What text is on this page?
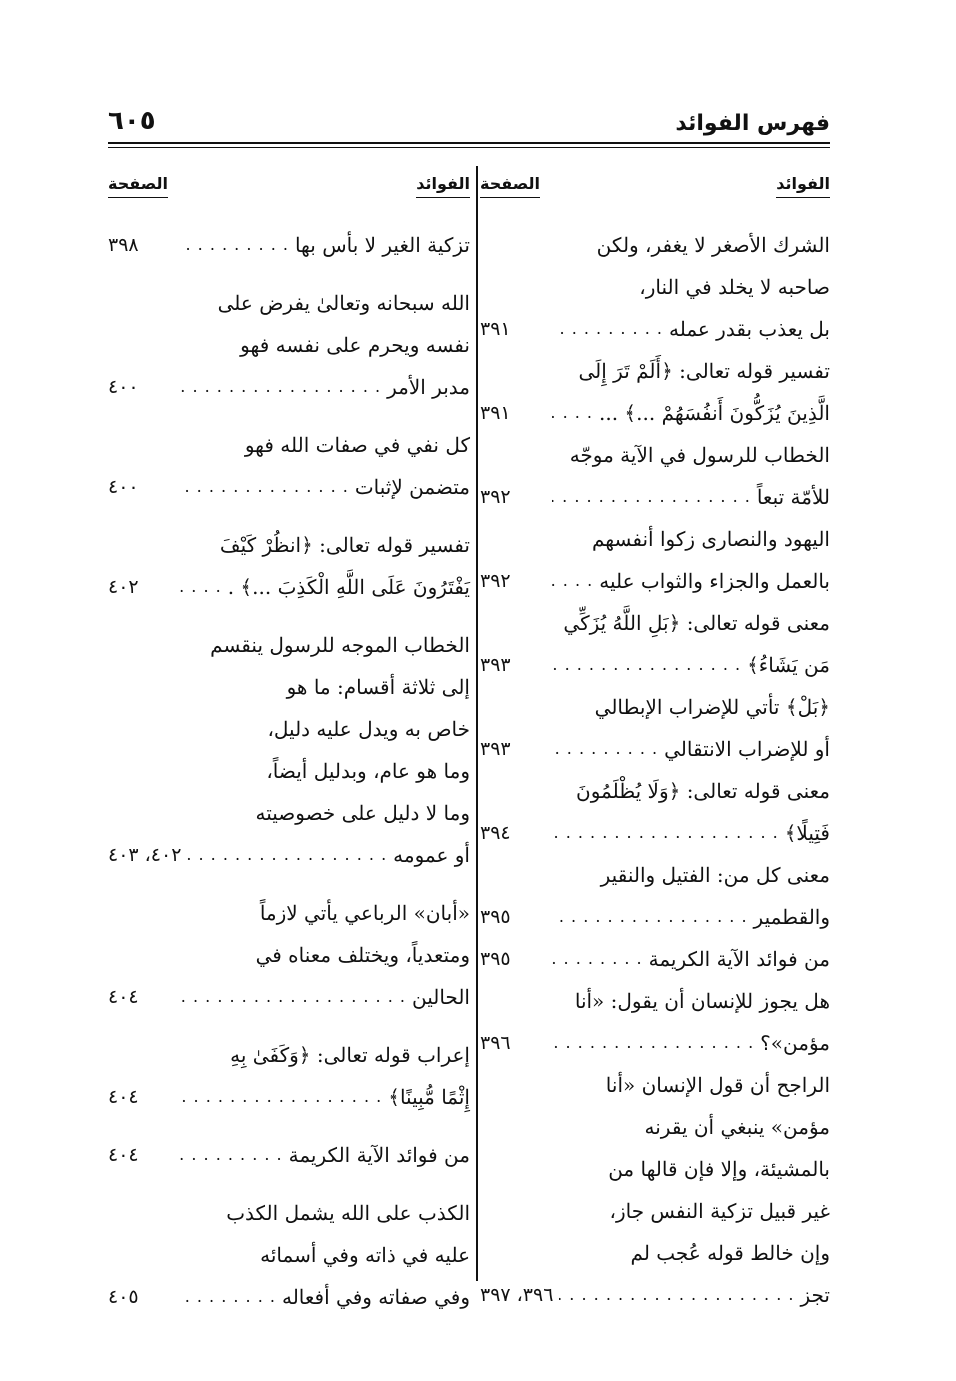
فهرس الفوائد
٦٠٥
الفوائد
الصفحة
الشرك الأصغر لا يغفر، ولكن
صاحبه لا يخلد في النار،
بل يعذب بقدر عمله
. . .
٣٩١
تفسير قوله تعالى: ﴿أَلَمْ تَرَ إِلَى
الَّذِينَ يُزَكُّونَ أَنفُسَهُمْ ...﴾ ...
. . .
٣٩١
الخطاب للرسول في الآية موجّه
للأمّة تبعاً
. . .
٣٩٢
اليهود والنصارى زكوا أنفسهم
بالعمل والجزاء والثواب عليه
. . .
٣٩٢
معنى قوله تعالى: ﴿بَلِ اللَّهُ يُزَكِّي
مَن يَشَاءُ﴾
. . .
٣٩٣
﴿بَلْ﴾ تأتي للإضراب الإبطالي
أو للإضراب الانتقالي
. . .
٣٩٣
معنى قوله تعالى: ﴿وَلَا يُظْلَمُونَ
فَتِيلًا﴾
. . .
٣٩٤
معنى كل من: الفتيل والنقير
والقطمير
. . .
٣٩٥
من فوائد الآية الكريمة
. . .
٣٩٥
هل يجوز للإنسان أن يقول: «أنا
مؤمن»؟
. . .
٣٩٦
الراجح أن قول الإنسان «أنا
مؤمن» ينبغي أن يقرنه
بالمشيئة، وإلا فإن قالها من
غير قبيل تزكية النفس جاز،
وإن خالط قوله عُجب لم
تجز
. . .
٣٩٦، ٣٩٧
الفوائد
الصفحة
تزكية الغير لا بأس بها
. . .
٣٩٨
الله سبحانه وتعالىٰ يفرض على
نفسه ويحرم على نفسه فهو
مدبر الأمر
. . .
٤٠٠
كل نفي في صفات الله فهو
متضمن لإثبات
. . .
٤٠٠
تفسير قوله تعالى: ﴿انظُرْ كَيْفَ
يَفْتَرُونَ عَلَى اللَّهِ الْكَذِبَ ...﴾ .
. . .
٤٠٢
الخطاب الموجه للرسول ينقسم
إلى ثلاثة أقسام: ما هو
خاص به ويدل عليه دليل،
وما هو عام، وبدليل أيضاً،
وما لا دليل على خصوصيته
أو عمومه
. . .
٤٠٢، ٤٠٣
«أبان» الرباعي يأتي لازماً
ومتعدياً، ويختلف معناه في
الحالين
. . .
٤٠٤
إعراب قوله تعالى: ﴿وَكَفَىٰ بِهِ
إِثْمًا مُّبِينًا﴾
. . .
٤٠٤
من فوائد الآية الكريمة
. . .
٤٠٤
الكذب على الله يشمل الكذب
عليه في ذاته وفي أسمائه
وفي صفاته وفي أفعاله
. . .
٤٠٥
